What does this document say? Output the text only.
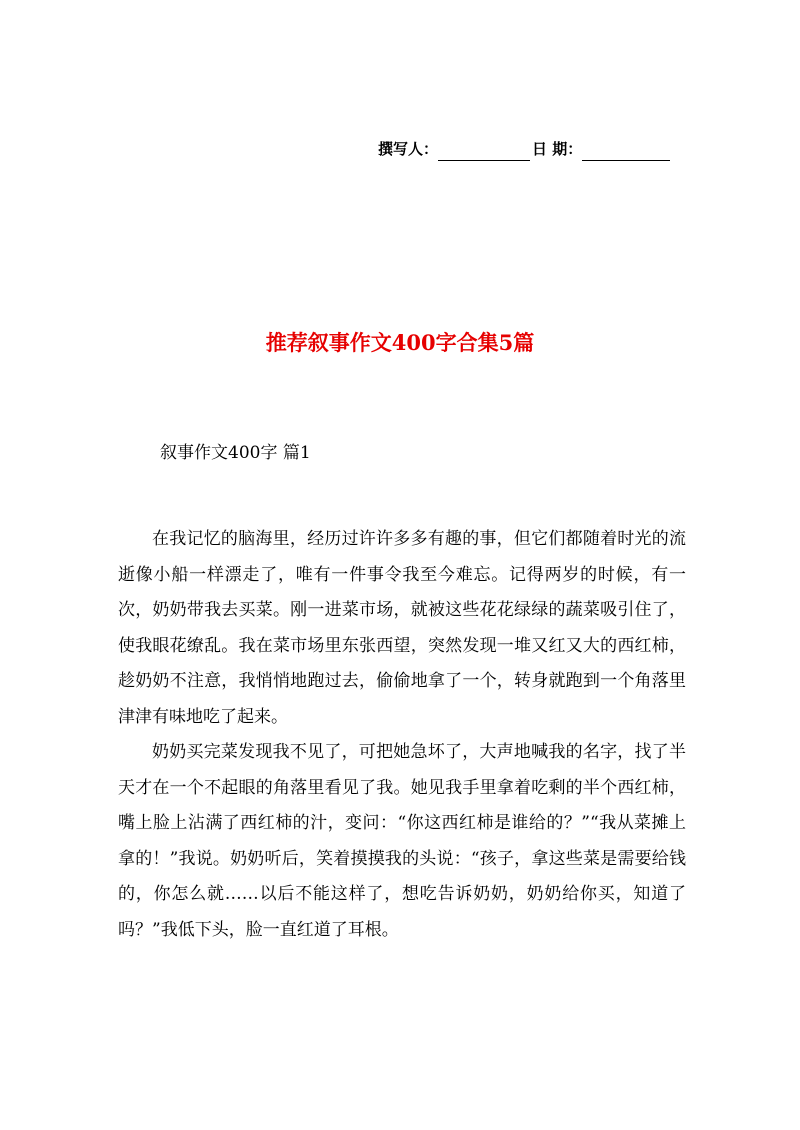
撰写人：	日 期：
推荐叙事作文400字合集5篇
叙事作文400字 篇1

在我记忆的脑海里，经历过许许多多有趣的事，但它们都随着时光的流逝像小船一样漂走了，唯有一件事令我至今难忘。记得两岁的时候，有一次，奶奶带我去买菜。刚一进菜市场，就被这些花花绿绿的蔬菜吸引住了，使我眼花缭乱。我在菜市场里东张西望，突然发现一堆又红又大的西红柿，趁奶奶不注意，我悄悄地跑过去，偷偷地拿了一个，转身就跑到一个角落里津津有味地吃了起来。

奶奶买完菜发现我不见了，可把她急坏了，大声地喊我的名字，找了半天才在一个不起眼的角落里看见了我。她见我手里拿着吃剩的半个西红柿，嘴上脸上沾满了西红柿的汁，变问：“你这西红柿是谁给的？”“我从菜摊上拿的！”我说。奶奶听后，笑着摸摸我的头说：“孩子，拿这些菜是需要给钱的，你怎么就……以后不能这样了，想吃告诉奶奶，奶奶给你买，知道了吗？”我低下头，脸一直红道了耳根。
